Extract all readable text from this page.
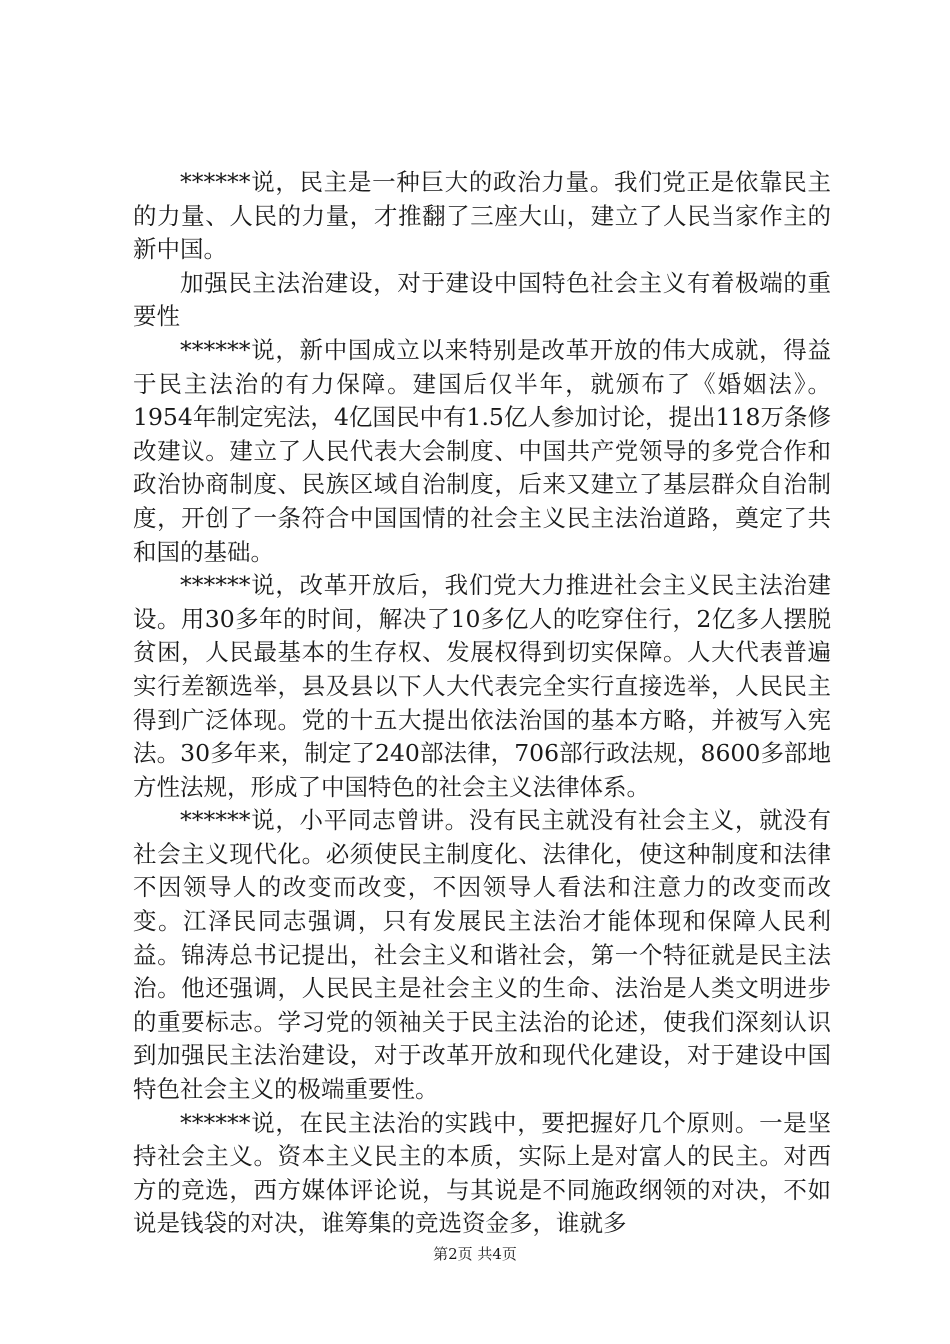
******说，民主是一种巨大的政治力量。我们党正是依靠民主的力量、人民的力量，才推翻了三座大山，建立了人民当家作主的新中国。

加强民主法治建设，对于建设中国特色社会主义有着极端的重要性

******说，新中国成立以来特别是改革开放的伟大成就，得益于民主法治的有力保障。建国后仅半年，就颁布了《婚姻法》。1954年制定宪法，4亿国民中有1.5亿人参加讨论，提出118万条修改建议。建立了人民代表大会制度、中国共产党领导的多党合作和政治协商制度、民族区域自治制度，后来又建立了基层群众自治制度，开创了一条符合中国国情的社会主义民主法治道路，奠定了共和国的基础。

******说，改革开放后，我们党大力推进社会主义民主法治建设。用30多年的时间，解决了10多亿人的吃穿住行，2亿多人摆脱贫困，人民最基本的生存权、发展权得到切实保障。人大代表普遍实行差额选举，县及县以下人大代表完全实行直接选举，人民民主得到广泛体现。党的十五大提出依法治国的基本方略，并被写入宪法。30多年来，制定了240部法律，706部行政法规，8600多部地方性法规，形成了中国特色的社会主义法律体系。

******说，小平同志曾讲。没有民主就没有社会主义，就没有社会主义现代化。必须使民主制度化、法律化，使这种制度和法律不因领导人的改变而改变，不因领导人看法和注意力的改变而改变。江泽民同志强调，只有发展民主法治才能体现和保障人民利益。锦涛总书记提出，社会主义和谐社会，第一个特征就是民主法治。他还强调，人民民主是社会主义的生命、法治是人类文明进步的重要标志。学习党的领袖关于民主法治的论述，使我们深刻认识到加强民主法治建设，对于改革开放和现代化建设，对于建设中国特色社会主义的极端重要性。

******说，在民主法治的实践中，要把握好几个原则。一是坚持社会主义。资本主义民主的本质，实际上是对富人的民主。对西方的竞选，西方媒体评论说，与其说是不同施政纲领的对决，不如说是钱袋的对决，谁筹集的竞选资金多，谁就多

第2页 共4页
